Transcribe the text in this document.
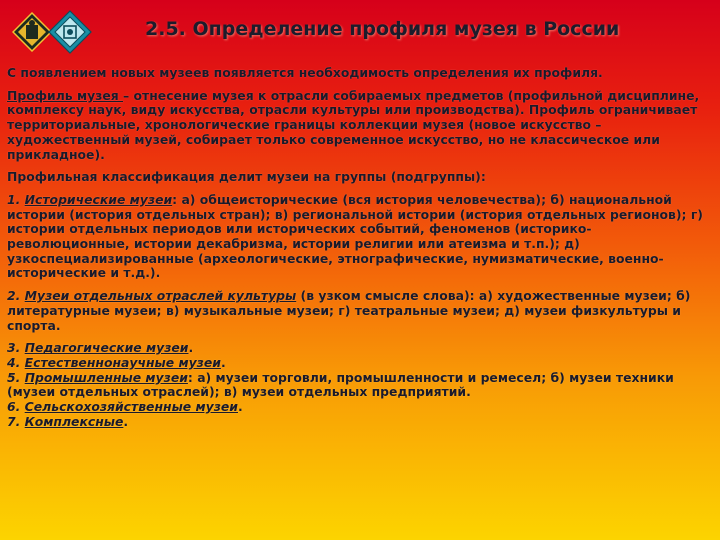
2.5. Определение профиля музея в России

С появлением новых музеев появляется необходимость определения их профиля.

Профиль музея – отнесение музея к отрасли собираемых предметов (профильной дисциплине, комплексу наук, виду искусства, отрасли культуры или производства). Профиль ограничивает территориальные, хронологические границы коллекции музея (новое искусство – художественный музей, собирает только современное искусство, но не классическое или прикладное).

Профильная классификация делит музеи на группы (подгруппы):

1. Исторические музеи: а) общеисторические (вся история человечества); б) национальной истории (история отдельных стран); в) региональной истории (история отдельных регионов); г) истории отдельных периодов или исторических событий, феноменов (историко-революционные, истории декабризма, истории религии или атеизма и т.п.); д) узкоспециализированные (археологические, этнографические, нумизматические, военно-исторические и т.д.).

2. Музеи отдельных отраслей культуры (в узком смысле слова): а) художественные музеи; б) литературные музеи; в) музыкальные музеи; г) театральные музеи; д) музеи физкультуры и спорта.

3. Педагогические музеи.
4. Естественнонаучные музеи.
5. Промышленные музеи: а) музеи торговли, промышленности и ремесел; б) музеи техники (музеи отдельных отраслей); в) музеи отдельных предприятий.
6. Сельскохозяйственные музеи.
7. Комплексные.
